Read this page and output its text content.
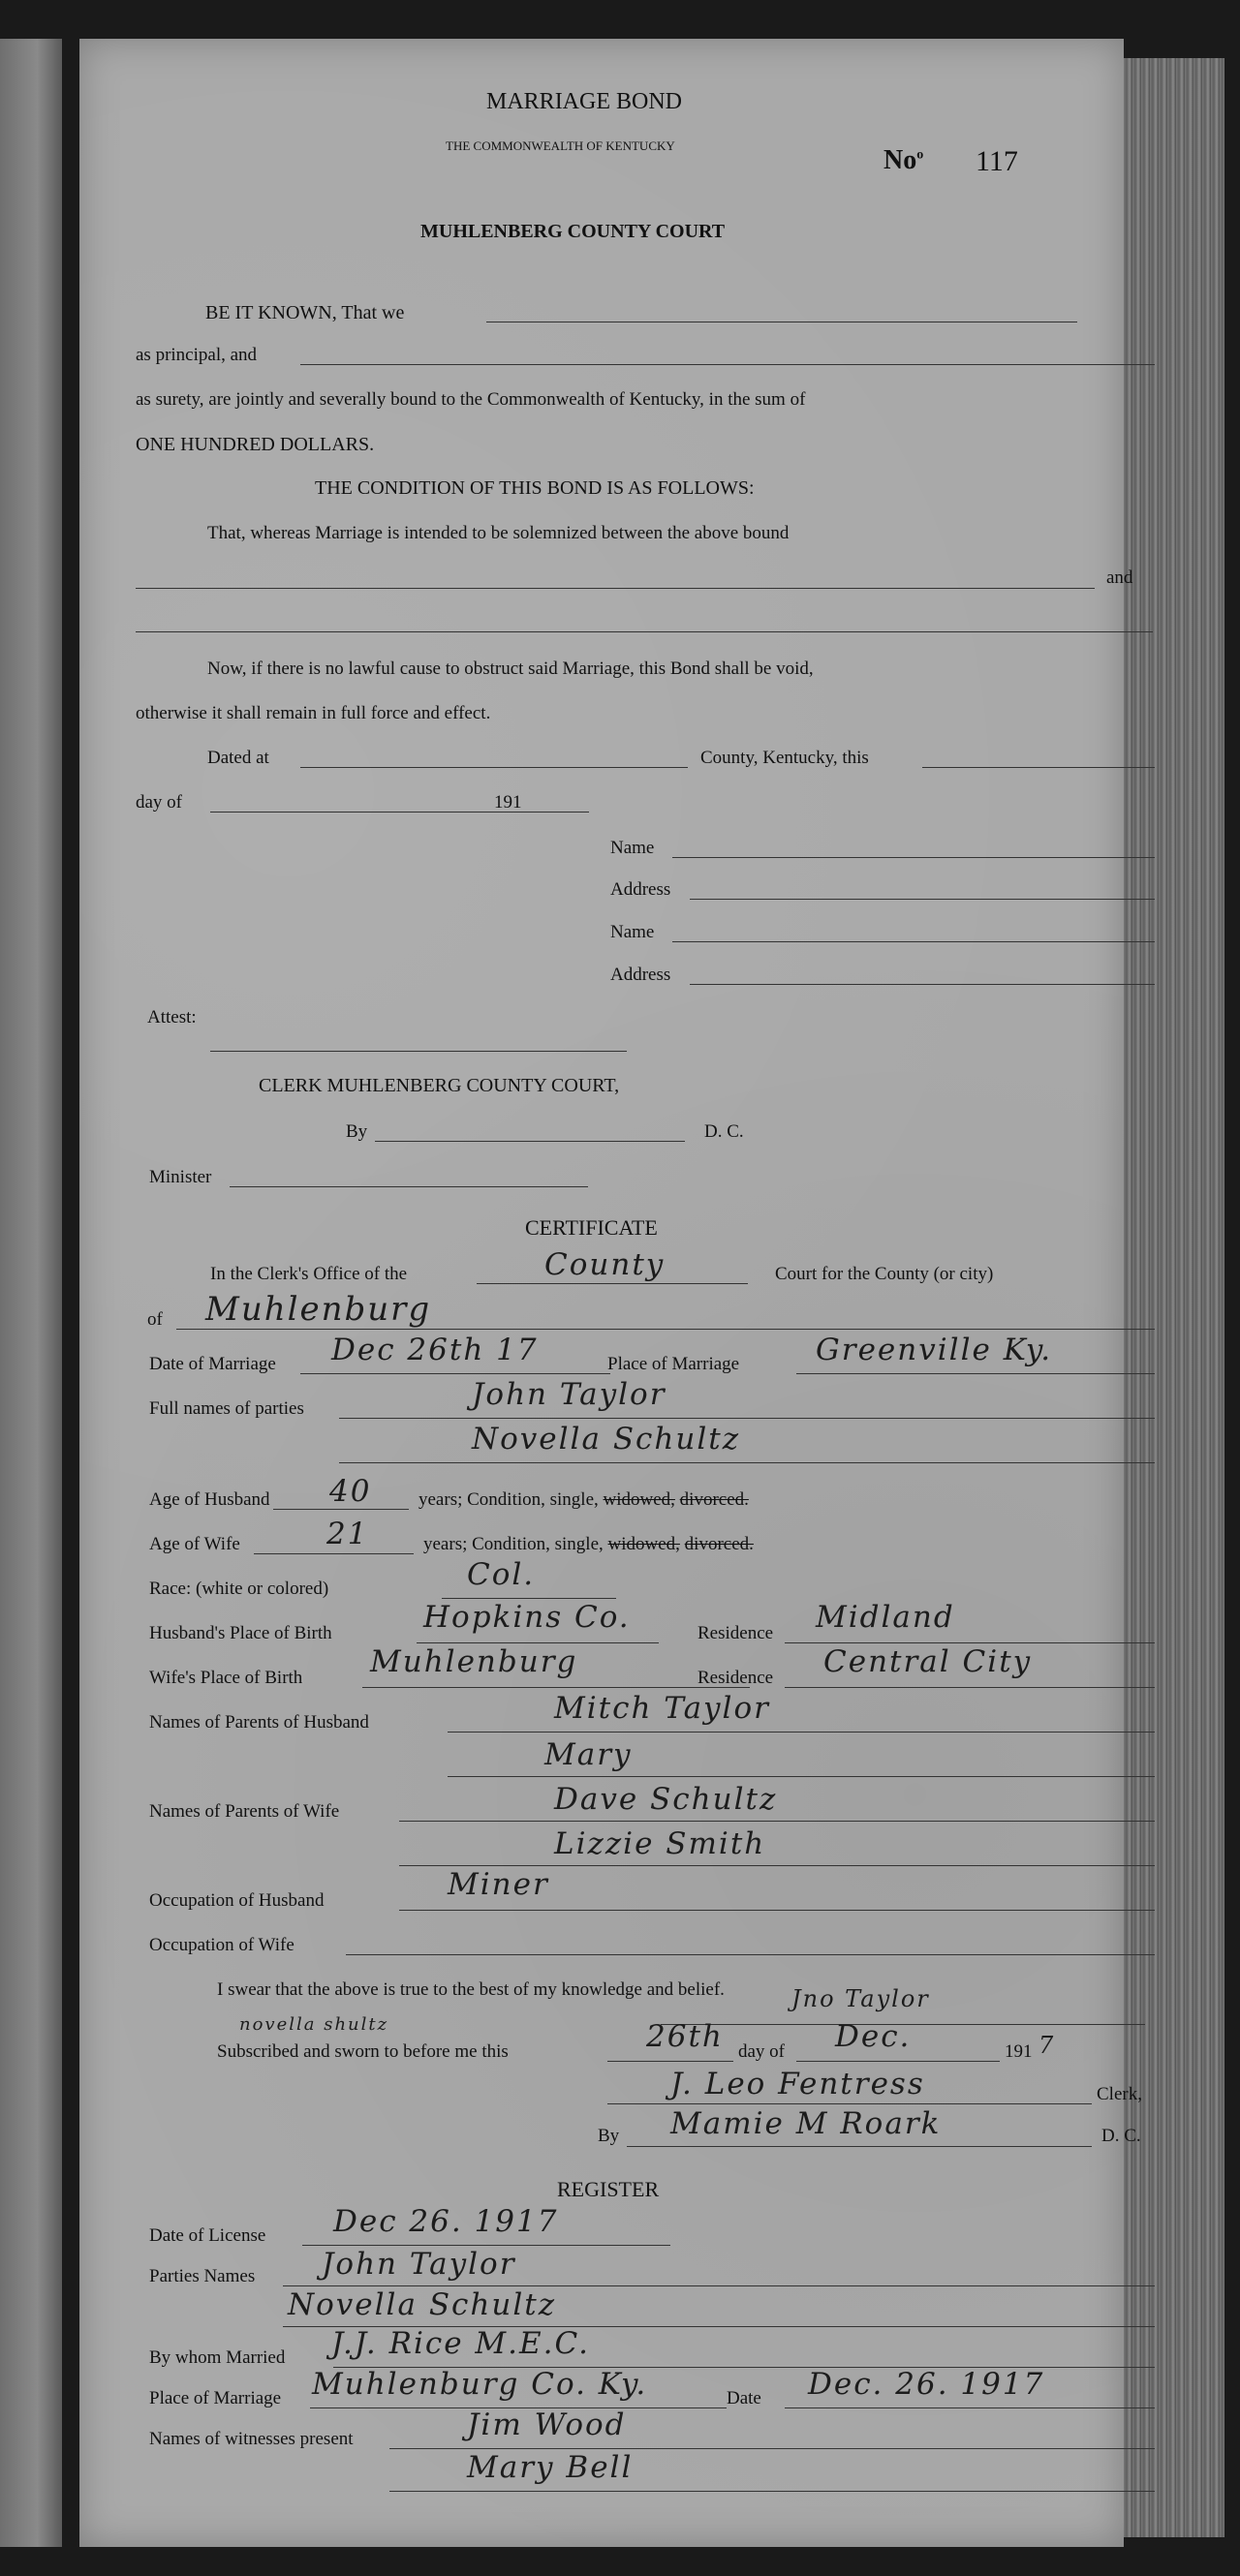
MARRIAGE BOND
THE COMMONWEALTH OF KENTUCKY	No$^o$ 117
MUHLENBERG COUNTY COURT
BE IT KNOWN, That we
as principal, and
as surety, are jointly and severally bound to the Commonwealth of Kentucky, in the sum of
ONE HUNDRED DOLLARS.
THE CONDITION OF THIS BOND IS AS FOLLOWS:
That, whereas Marriage is intended to be solemnized between the above bound
and
Now, if there is no lawful cause to obstruct said Marriage, this Bond shall be void,
otherwise it shall remain in full force and effect.
Dated at	County, Kentucky, this
day of	191
Name
Address
Name
Address
Attest:
CLERK MUHLENBERG COUNTY COURT,
By	D. C.
Minister
CERTIFICATE
In the Clerk's Office of the	County	Court for the County (or city)
of Muhlenburg
Date of Marriage Dec 26th 17	Place of Marriage	Greenville Ky.
Full names of parties	John Taylor
Novella Schultz
Age of Husband 40	years; Condition, single, widowed, divorced.
Age of Wife	21	years; Condition, single, widowed, divorced.
Race: (white or colored)	Col.
Husband's Place of Birth	Hopkins Co.	Residence Midland
Wife's Place of Birth Muhlenburg	Residence Central City
Names of Parents of Husband	Mitch Taylor
Mary
Names of Parents of Wife	Dave Schultz
Lizzie Smith
Occupation of Husband	Miner
Occupation of Wife
I swear that the above is true to the best of my knowledge and belief.
novella shultz
Jno Taylor
Subscribed and sworn to before me this	26th day of Dec.	191 7
J. Leo Fentress	Clerk,
By Mamie M Roark	D. C.
REGISTER
Date of License Dec 26. 1917
Parties Names John Taylor
Novella Schultz
By whom Married J.J. Rice M.E.C.
Place of Marriage Muhlenburg Co. Ky.	Date Dec. 26. 1917
Names of witnesses present	Jim Wood
Mary Bell
